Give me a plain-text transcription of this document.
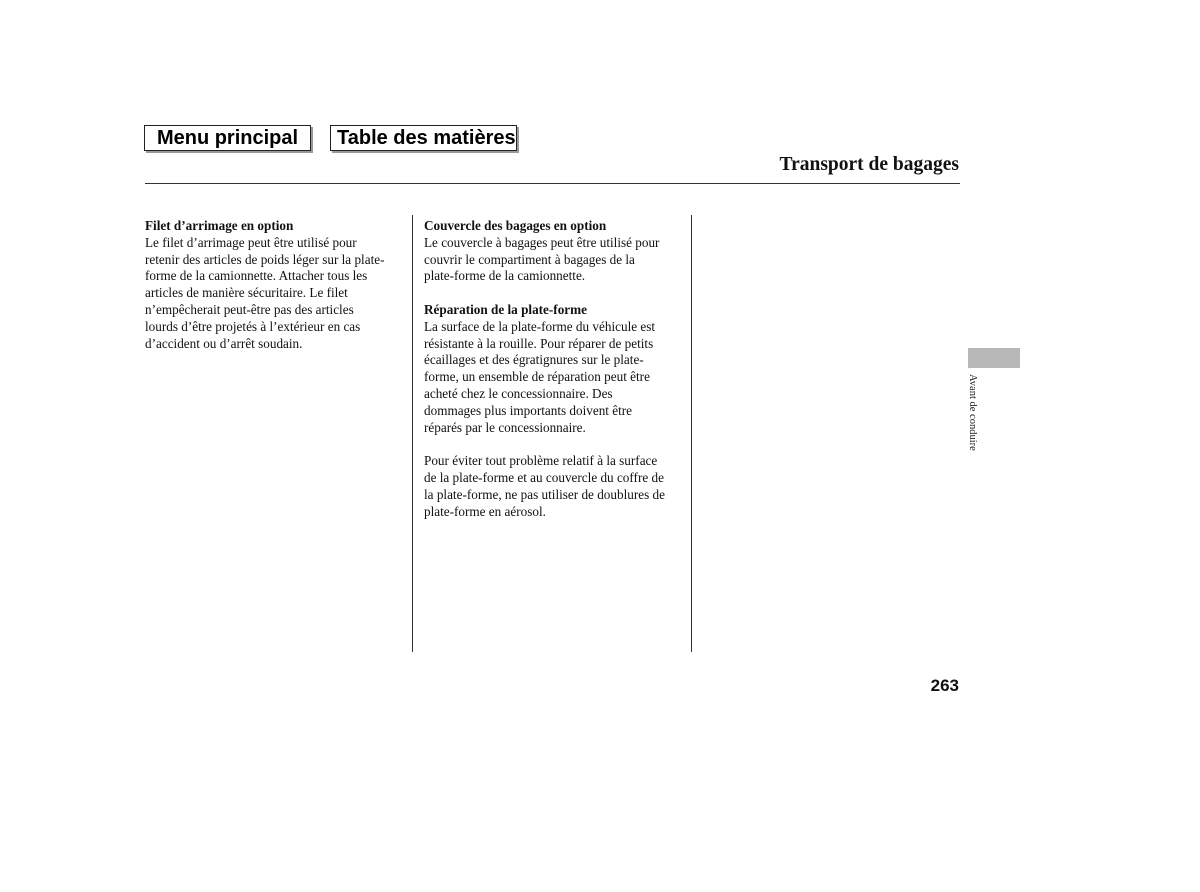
Menu principal	Table des matières
Transport de bagages
Filet d’arrimage en option

Le filet d’arrimage peut être utilisé pour

retenir des articles de poids léger sur la plate-

forme de la camionnette. Attacher tous les

articles de manière sécuritaire. Le filet

n’empêcherait peut-être pas des articles

lourds d’être projetés à l’extérieur en cas

d’accident ou d’arrêt soudain.

Couvercle des bagages en option

Le couvercle à bagages peut être utilisé pour

couvrir le compartiment à bagages de la

plate-forme de la camionnette.

Réparation de la plate-forme

La surface de la plate-forme du véhicule est

résistante à la rouille. Pour réparer de petits

écaillages et des égratignures sur le plate-

forme, un ensemble de réparation peut être

acheté chez le concessionnaire. Des

dommages plus importants doivent être

réparés par le concessionnaire.

Pour éviter tout problème relatif à la surface

de la plate-forme et au couvercle du coffre de

la plate-forme, ne pas utiliser de doublures de

plate-forme en aérosol.

Avant de conduire
263
